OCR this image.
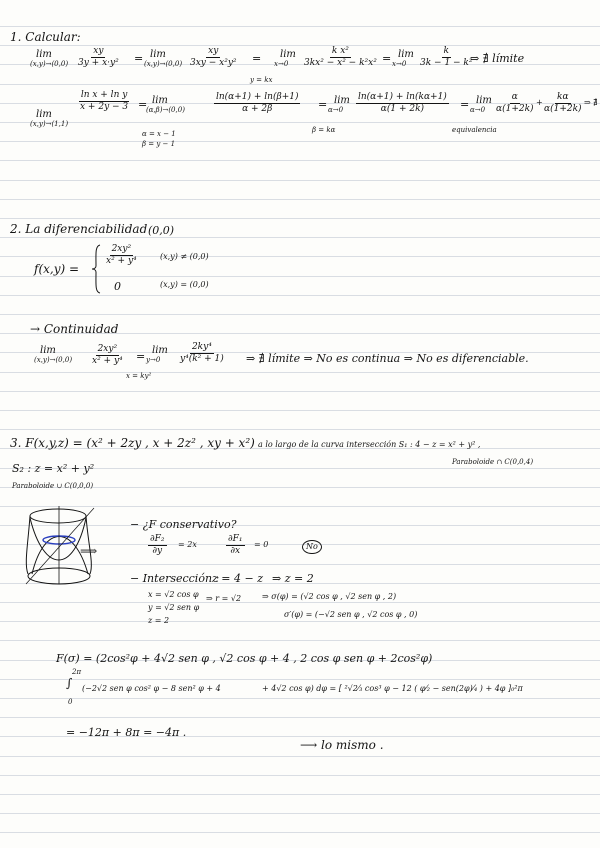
1. Calcular:
lim
$(x,y)\to(0,0) \frac{xy}{\text{3y + x·y²}} = \lim$
$(x,y)\to(0,0) \frac{xy}{\text{3xy − x²y²}}$ =
y = kx
lim
$x\to 0 \frac{\text{k x²}}{\text{3kx² − x² − k²x²}} = \lim$
$x\to 0 \frac{k}{\text{3k − 1 − k²}}$
⇒ ∄ límite
lim
(x,y)→(1,1)
$\frac{\text{ln x + ln y}}{x + 2y - 3} = \lim$
(α,β)→(0,0)
α = x − 1
β = y − 1
$\frac{\ln(\alpha+1) + \ln(\beta+1)}{\alpha + 2\beta} = \lim$
α→0
β = kα
$\frac{\ln(\alpha+1) + \ln(k\alpha+1)}{\alpha(1 + 2k)} = \lim$
α→0
equivalencia
$\frac{\alpha}{\alpha(1+2k)} + \frac{k\alpha}{\alpha(1+2k)}$ ⇒ ∄
2. La diferenciabilidad (0,0)
f(x,y) =
$\frac{\text{2xy²}}{\text{x² + y⁴}}$	(x,y) ≠ (0,0)
0	(x,y) = (0,0)
→ Continuidad
lim
$(x,y)\to(0,0) \frac{\text{2xy²}}{\text{x² + y⁴}} = \lim$
y→0
x = ky²
$\frac{\text{2ky⁴}}{\text{y⁴(k² + 1)}}$ ⇒ ∄ límite ⇒ No es continua ⇒ No es diferenciable.
3. F(x,y,z) = (x² + 2zy , x + 2z² , xy + x²) a lo largo de la curva intersección S₁ : 4 − z = x² + y² ,
Paraboloide ∩ C(0,0,4)
S₂ : z = x² + y²
Paraboloide ∪ C(0,0,0)
⟹
− ¿F conservativo?
$\frac{\text{∂F₂}}{\partial y} = 2x$	$\frac{\text{∂F₁}}{\partial x} = 0$	No
− Intersección :
z = 4 − z ⇒ z = 2
x = √2 cos φ
y = √2 sen φ
z = 2
⇒ r = √2	⇒ σ(φ) = (√2 cos φ , √2 sen φ , 2)
σ′(φ) = (−√2 sen φ , √2 cos φ , 0)
F(σ) = (2cos²φ + 4√2 sen φ , √2 cos φ + 4 , 2 cos φ sen φ + 2cos²φ)
∫
2π
0
(−2√2 sen φ cos² φ − 8 sen² φ + 4	+ 4√2 cos φ) dφ = [ ²√2⁄₃ cos³ φ − 12 ( φ⁄₂ − sen(2φ)⁄₄ ) + 4φ ]₀²π
= −12π + 8π = −4π .
⟶ lo mismo .
